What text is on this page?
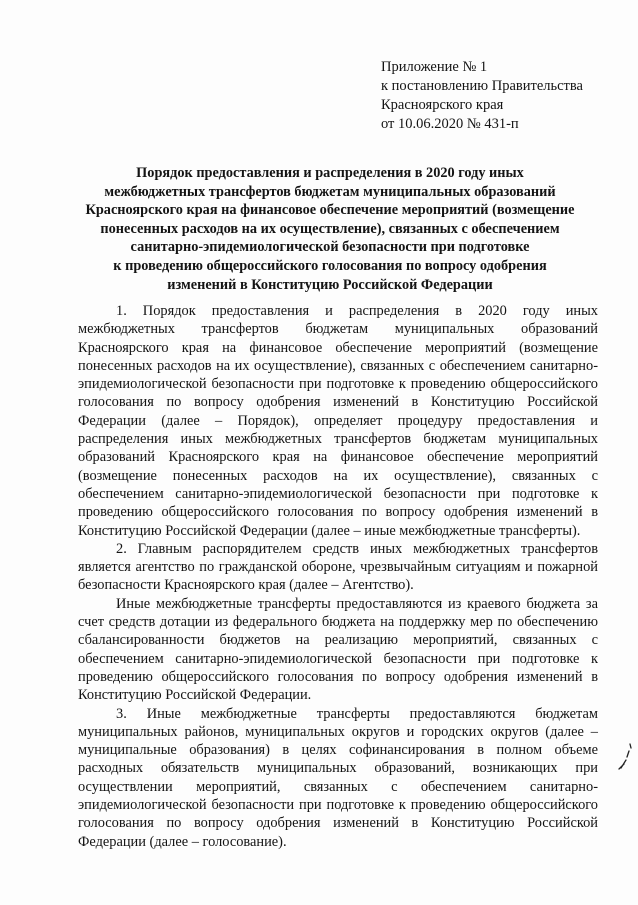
Приложение № 1
к постановлению Правительства
Красноярского края
от 10.06.2020 № 431-п
Порядок предоставления и распределения в 2020 году иных
межбюджетных трансфертов бюджетам муниципальных образований
Красноярского края на финансовое обеспечение мероприятий (возмещение
понесенных расходов на их осуществление), связанных с обеспечением
санитарно-эпидемиологической безопасности при подготовке
к проведению общероссийского голосования по вопросу одобрения
изменений в Конституцию Российской Федерации

1. Порядок предоставления и распределения в 2020 году иных межбюджетных трансфертов бюджетам муниципальных образований Красноярского края на финансовое обеспечение мероприятий (возмещение понесенных расходов на их осуществление), связанных с обеспечением санитарно-эпидемиологической безопасности при подготовке к проведению общероссийского голосования по вопросу одобрения изменений в Конституцию Российской Федерации (далее – Порядок), определяет процедуру предоставления и распределения иных межбюджетных трансфертов бюджетам муниципальных образований Красноярского края на финансовое обеспечение мероприятий (возмещение понесенных расходов на их осуществление), связанных с обеспечением санитарно-эпидемиологической безопасности при подготовке к проведению общероссийского голосования по вопросу одобрения изменений в Конституцию Российской Федерации (далее – иные межбюджетные трансферты).

2. Главным распорядителем средств иных межбюджетных трансфертов является агентство по гражданской обороне, чрезвычайным ситуациям и пожарной безопасности Красноярского края (далее – Агентство).

Иные межбюджетные трансферты предоставляются из краевого бюджета за счет средств дотации из федерального бюджета на поддержку мер по обеспечению сбалансированности бюджетов на реализацию мероприятий, связанных с обеспечением санитарно-эпидемиологической безопасности при подготовке к проведению общероссийского голосования по вопросу одобрения изменений в Конституцию Российской Федерации.

3. Иные межбюджетные трансферты предоставляются бюджетам муниципальных районов, муниципальных округов и городских округов (далее – муниципальные образования) в целях софинансирования в полном объеме расходных обязательств муниципальных образований, возникающих при осуществлении мероприятий, связанных с обеспечением санитарно-эпидемиологической безопасности при подготовке к проведению общероссийского голосования по вопросу одобрения изменений в Конституцию Российской Федерации (далее – голосование).
